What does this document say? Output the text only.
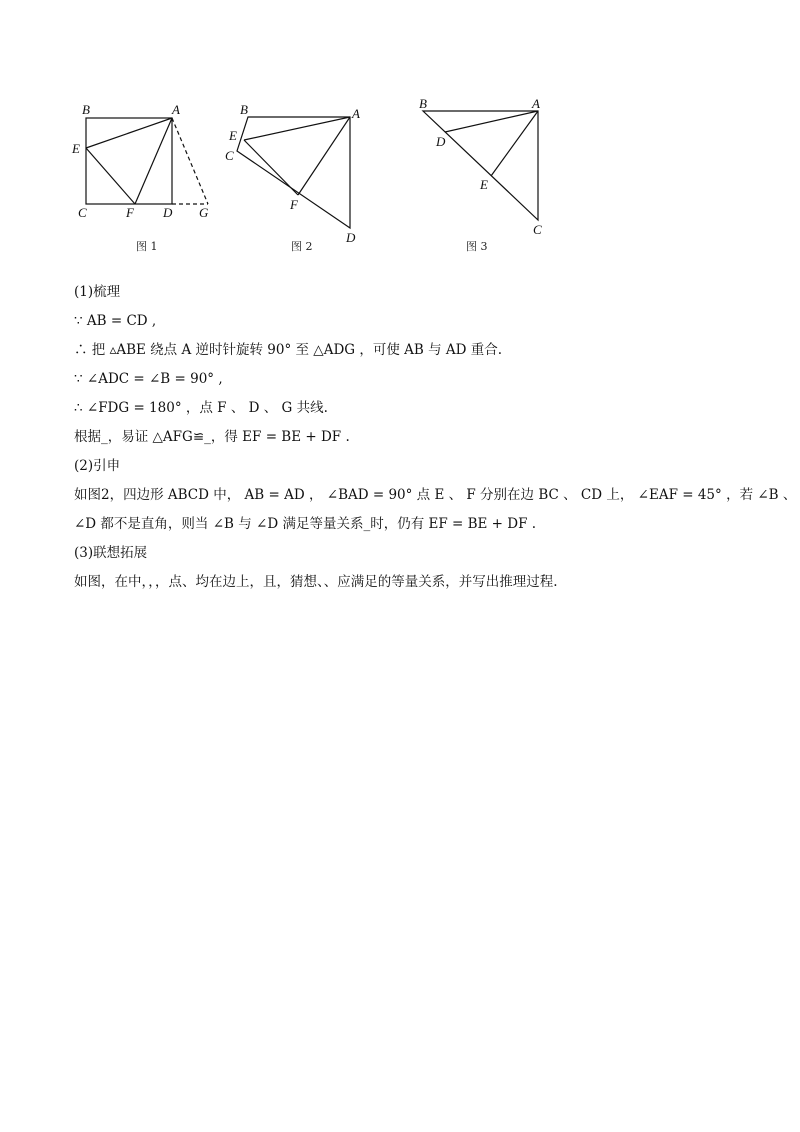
B	A
E
C	F D G
图 1
B	A
E
C
F
D
图 2
B	A
D
E
C
图 3
(1)梳理
∵ AB = CD ,
∴ 把 ▵ABE 绕点 A 逆时针旋转 90° 至 △ADG ，可使 AB 与 AD 重合.
∵ ∠ADC = ∠B = 90° ,
∴ ∠FDG = 180° ，点 F 、 D 、 G 共线.
根据_，易证 △AFG≌_，得 EF = BE + DF .
(2)引申
如图2，四边形 ABCD 中， AB = AD ， ∠BAD = 90° 点 E 、 F 分别在边 BC 、 CD 上， ∠EAF = 45° ，若 ∠B 、
∠D 都不是直角，则当 ∠B 与 ∠D 满足等量关系_时，仍有 EF = BE + DF .
(3)联想拓展
如图，在中，，，点、均在边上，且，猜想、、应满足的等量关系，并写出推理过程.
